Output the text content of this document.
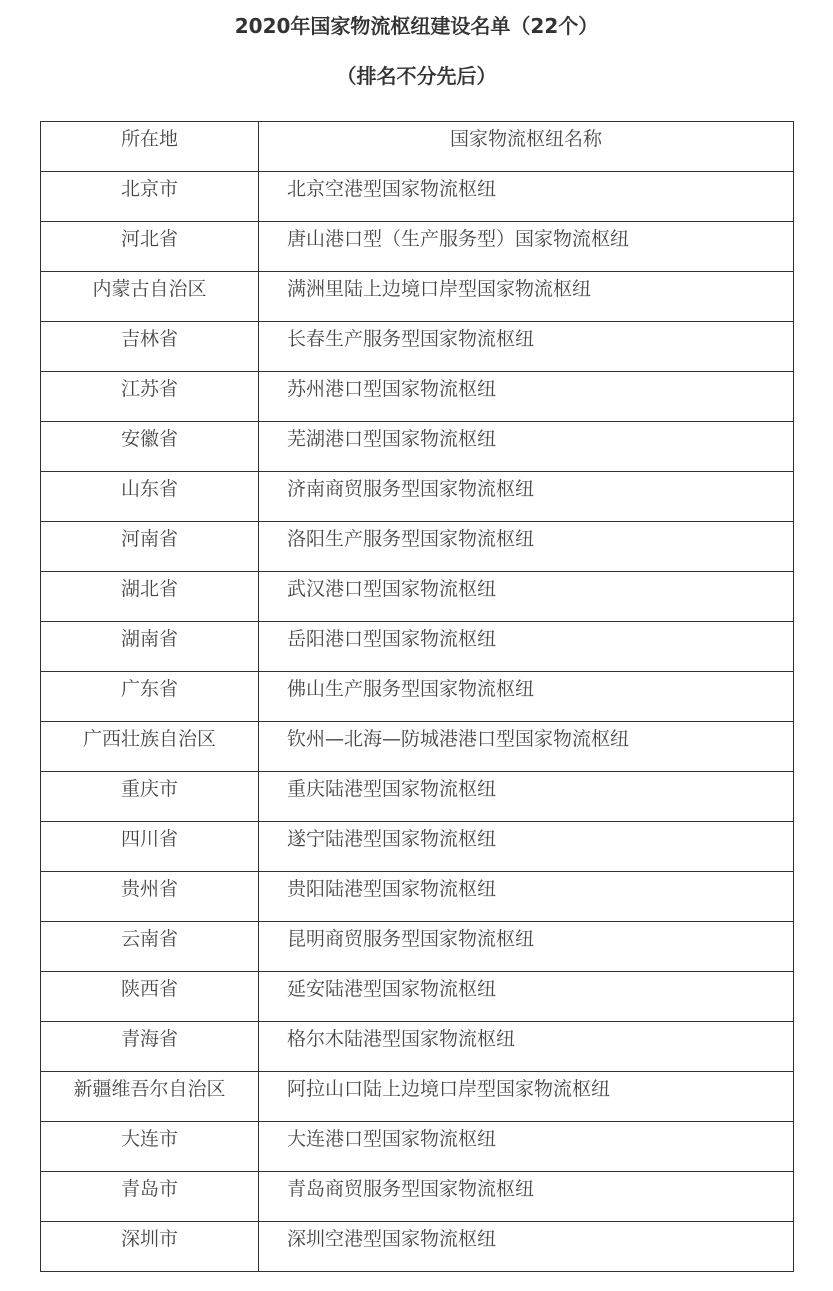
2020年国家物流枢纽建设名单（22个）
（排名不分先后）
所在地	国家物流枢纽名称

北京市	北京空港型国家物流枢纽

河北省	唐山港口型（生产服务型）国家物流枢纽

内蒙古自治区	满洲里陆上边境口岸型国家物流枢纽

吉林省	长春生产服务型国家物流枢纽

江苏省	苏州港口型国家物流枢纽

安徽省	芜湖港口型国家物流枢纽

山东省	济南商贸服务型国家物流枢纽

河南省	洛阳生产服务型国家物流枢纽

湖北省	武汉港口型国家物流枢纽

湖南省	岳阳港口型国家物流枢纽

广东省	佛山生产服务型国家物流枢纽

广西壮族自治区	钦州—北海—防城港港口型国家物流枢纽

重庆市	重庆陆港型国家物流枢纽

四川省	遂宁陆港型国家物流枢纽

贵州省	贵阳陆港型国家物流枢纽

云南省	昆明商贸服务型国家物流枢纽

陕西省	延安陆港型国家物流枢纽

青海省	格尔木陆港型国家物流枢纽

新疆维吾尔自治区	阿拉山口陆上边境口岸型国家物流枢纽

大连市	大连港口型国家物流枢纽

青岛市	青岛商贸服务型国家物流枢纽

深圳市	深圳空港型国家物流枢纽
